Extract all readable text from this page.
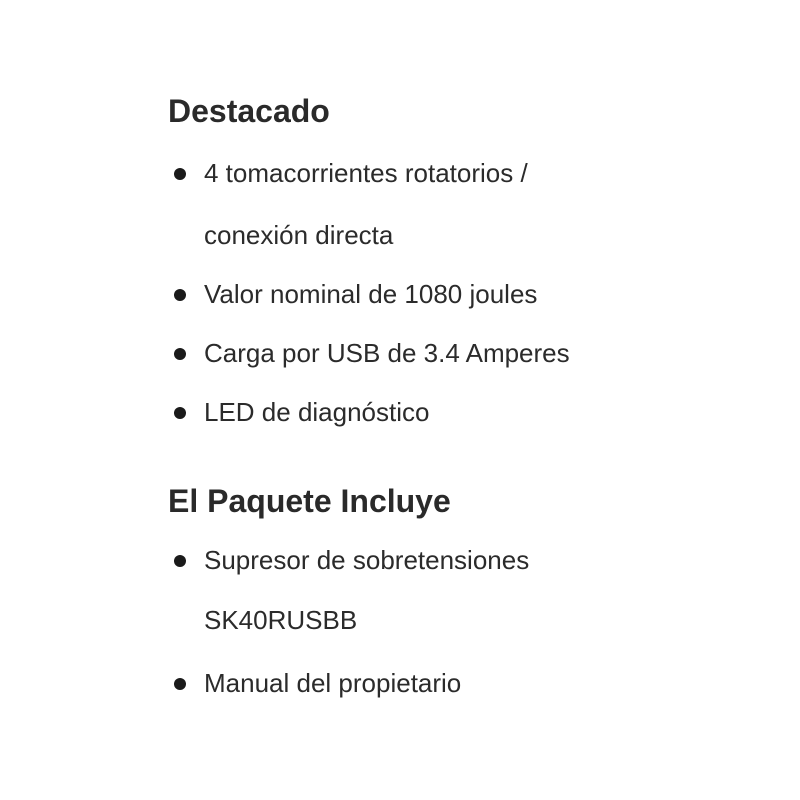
Destacado
4 tomacorrientes rotatorios /
conexión directa
Valor nominal de 1080 joules
Carga por USB de 3.4 Amperes
LED de diagnóstico
El Paquete Incluye
Supresor de sobretensiones
SK40RUSBB
Manual del propietario
